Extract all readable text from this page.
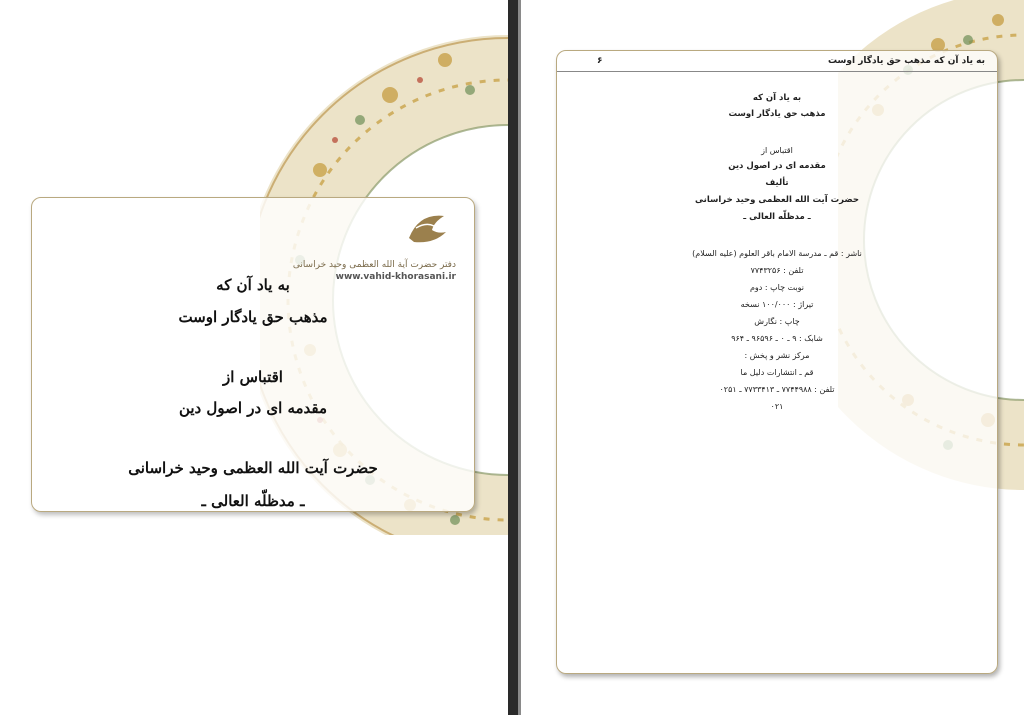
دفتر حضرت آیة الله العظمی وحید خراسانی
www.vahid-khorasani.ir
به یاد آن که
مذهب حق یادگار اوست
اقتباس از
مقدمه ای در اصول دین
حضرت آیت الله العظمی وحید خراسانی
ـ مدظلّه العالی ـ
به یاد آن که مذهب حق یادگار اوست
۶
به یاد آن که
مذهب حق یادگار اوست
اقتباس از
مقدمه ای در اصول دین
تألیف
حضرت آیت الله العظمی وحید خراسانی
ـ مدظلّه العالی ـ
ناشر : قم ـ مدرسة الامام باقر العلوم (علیه السلام)
تلفن : ۷۷۴۳۲۵۶
نوبت چاپ : دوم
تیراژ : ۱۰۰/۰۰۰ نسخه
چاپ : نگارش
شابک : ۹ ـ ۰ ـ ۹۶۵۹۶ ـ ۹۶۴
مرکز نشر و پخش :
قم ـ انتشارات دلیل ما
تلفن : ۷۷۴۴۹۸۸ ـ ۷۷۳۳۴۱۳ ـ ۰۲۵۱
۰۲۱
